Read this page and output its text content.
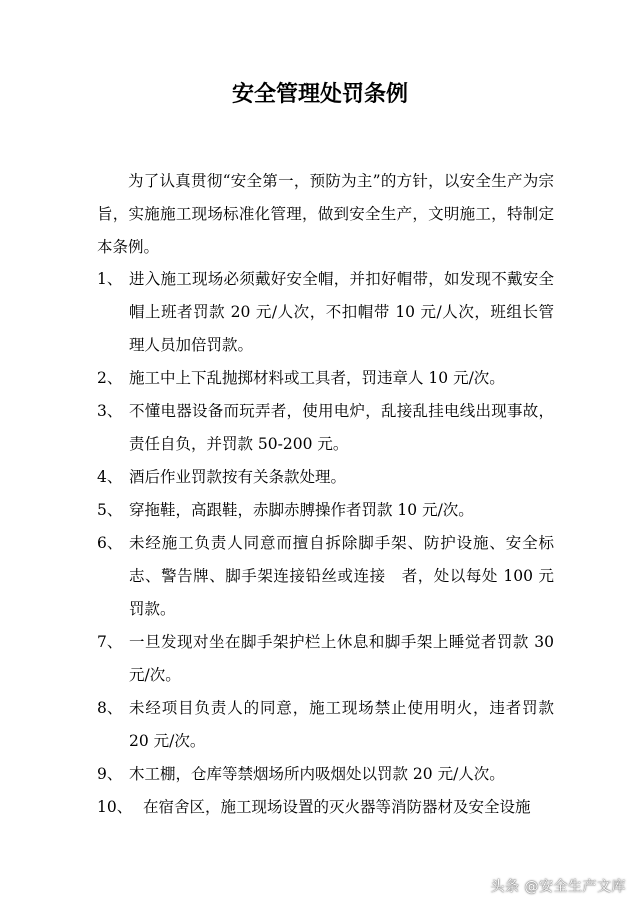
安全管理处罚条例
为了认真贯彻“安全第一，预防为主”的方针，以安全生产为宗旨，实施施工现场标准化管理，做到安全生产，文明施工，特制定本条例。
1、 进入施工现场必须戴好安全帽，并扣好帽带，如发现不戴安全帽上班者罚款 20 元/人次，不扣帽带 10 元/人次，班组长管理人员加倍罚款。
2、 施工中上下乱抛掷材料或工具者，罚违章人 10 元/次。
3、 不懂电器设备而玩弄者，使用电炉，乱接乱挂电线出现事故，责任自负，并罚款 50-200 元。
4、 酒后作业罚款按有关条款处理。
5、 穿拖鞋，高跟鞋，赤脚赤膊操作者罚款 10 元/次。
6、 未经施工负责人同意而擅自拆除脚手架、防护设施、安全标志、警告牌、脚手架连接铅丝或连接　者，处以每处 100 元罚款。
7、 一旦发现对坐在脚手架护栏上休息和脚手架上睡觉者罚款 30 元/次。
8、 未经项目负责人的同意，施工现场禁止使用明火，违者罚款 20 元/次。
9、 木工棚，仓库等禁烟场所内吸烟处以罚款 20 元/人次。
10、 在宿舍区，施工现场设置的灭火器等消防器材及安全设施
头条 @安全生产文库
